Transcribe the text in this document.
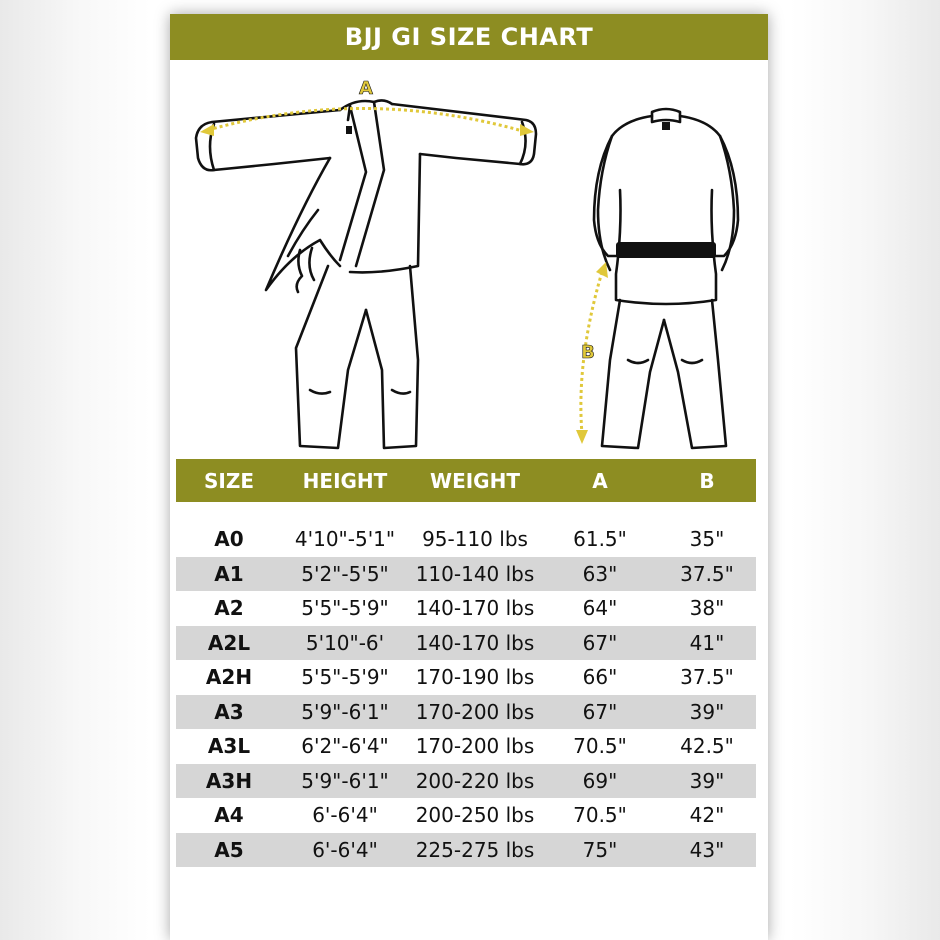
BJJ GI SIZE CHART
A
B
SIZE	HEIGHT	WEIGHT	A	B
A0	4'10"-5'1"	95-110 lbs	61.5"	35"
A1	5'2"-5'5"	110-140 lbs	63"	37.5"
A2	5'5"-5'9"	140-170 lbs	64"	38"
A2L	5'10"-6'	140-170 lbs	67"	41"
A2H	5'5"-5'9"	170-190 lbs	66"	37.5"
A3	5'9"-6'1"	170-200 lbs	67"	39"
A3L	6'2"-6'4"	170-200 lbs	70.5"	42.5"
A3H	5'9"-6'1"	200-220 lbs	69"	39"
A4	6'-6'4"	200-250 lbs	70.5"	42"
A5	6'-6'4"	225-275 lbs	75"	43"
